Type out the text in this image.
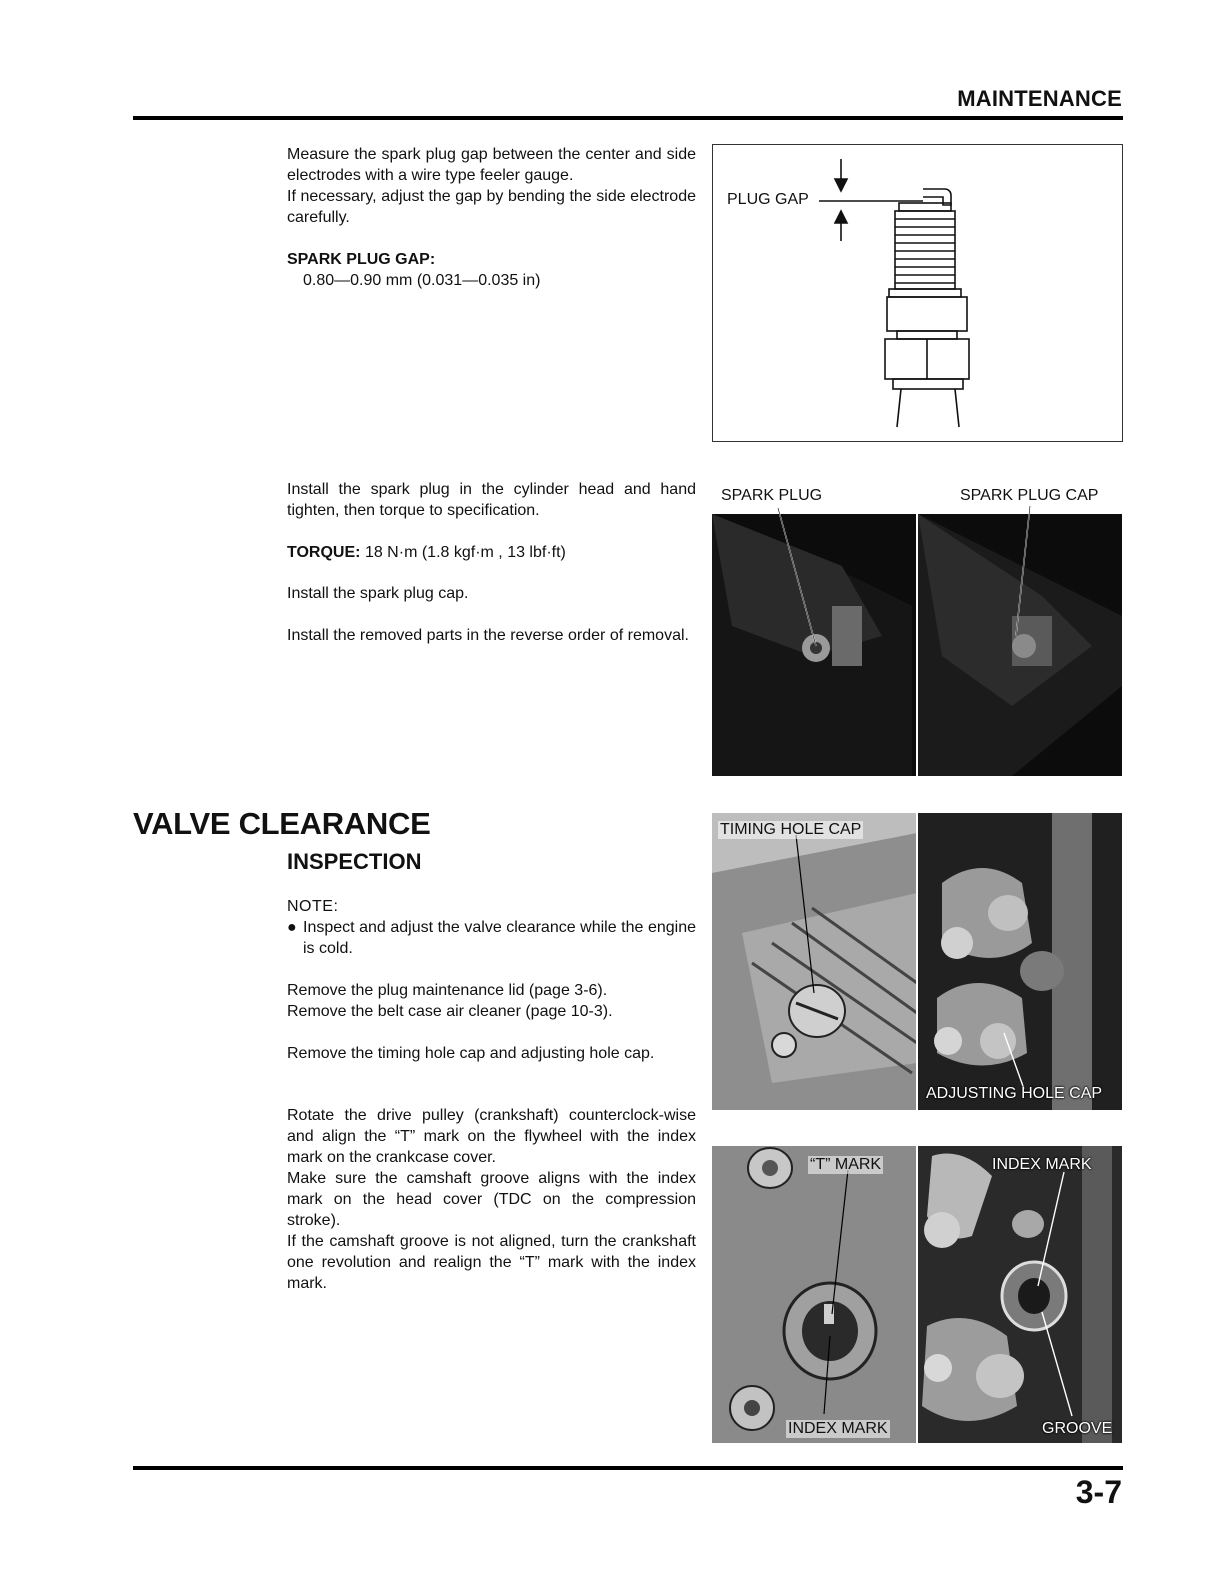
MAINTENANCE

Measure the spark plug gap between the center and side electrodes with a wire type feeler gauge.

If necessary, adjust the gap by bending the side electrode carefully.

SPARK PLUG GAP:
0.80—0.90 mm (0.031—0.035 in)
PLUG GAP
Install the spark plug in the cylinder head and hand tighten, then torque to specification.
TORQUE: 18 N·m (1.8 kgf·m , 13 lbf·ft)
Install the spark plug cap.
Install the removed parts in the reverse order of removal.
SPARK PLUG	SPARK PLUG CAP
VALVE CLEARANCE
INSPECTION
NOTE:
● Inspect and adjust the valve clearance while the engine is cold.

Remove the plug maintenance lid (page 3-6).

Remove the belt case air cleaner (page 10-3).

Remove the timing hole cap and adjusting hole cap.

Rotate the drive pulley (crankshaft) counterclock-wise and align the “T” mark on the flywheel with the index mark on the crankcase cover.

Make sure the camshaft groove aligns with the index mark on the head cover (TDC on the compression stroke).

If the camshaft groove is not aligned, turn the crankshaft one revolution and realign the “T” mark with the index mark.

TIMING HOLE CAP
ADJUSTING HOLE CAP
“T” MARK	INDEX MARK
INDEX MARK	GROOVE
3-7
